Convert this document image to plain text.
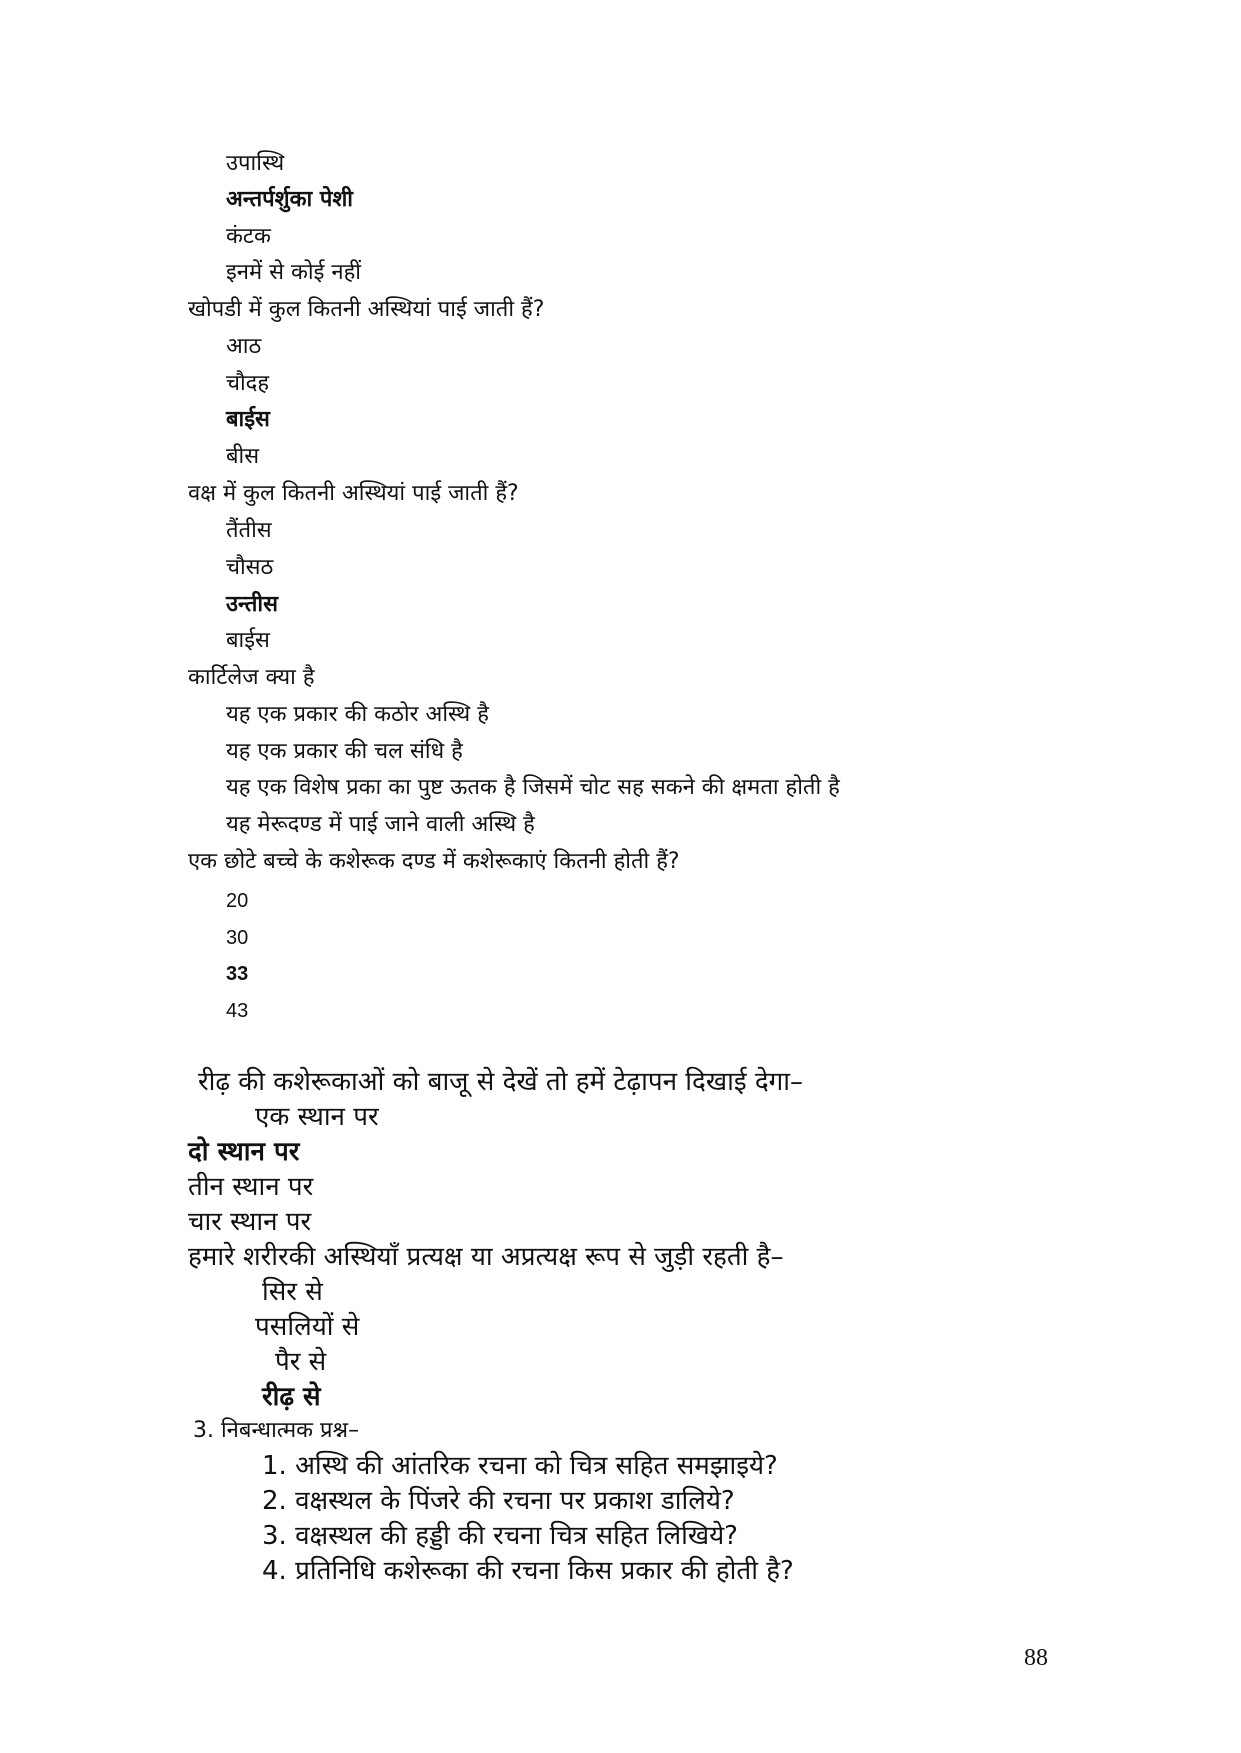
उपास्थि
अन्तर्पर्शुका पेशी
कंटक
इनमें से कोई नहीं
खोपडी में कुल कितनी अस्थियां पाई जाती हैं?
आठ
चौदह
बाईस
बीस
वक्ष में कुल कितनी अस्थियां पाई जाती हैं?
तैंतीस
चौसठ
उन्तीस
बाईस
कार्टिलेज क्या है
यह एक प्रकार की कठोर अस्थि है
यह एक प्रकार की चल संधि है
यह एक विशेष प्रका का पुष्ट ऊतक है जिसमें चोट सह सकने की क्षमता होती है
यह मेरूदण्ड में पाई जाने वाली अस्थि है
एक छोटे बच्चे के कशेरूक दण्ड में कशेरूकाएं कितनी होती हैं?
20
30
33
43
रीढ़ की कशेरूकाओं को बाजू से देखें तो हमें टेढ़ापन दिखाई देगा–
एक स्थान पर
दो स्थान पर
तीन स्थान पर
चार स्थान पर
हमारे शरीरकी अस्थियाँ प्रत्यक्ष या अप्रत्यक्ष रूप से जुड़ी रहती है–
सिर से
पसलियों से
पैर से
रीढ़ से
3. निबन्धात्मक प्रश्न–
1. अस्थि की आंतरिक रचना को चित्र सहित समझाइये?
2. वक्षस्थल के पिंजरे की रचना पर प्रकाश डालिये?
3. वक्षस्थल की हड्डी की रचना चित्र सहित लिखिये?
4. प्रतिनिधि कशेरूका की रचना किस प्रकार की होती है?
88
